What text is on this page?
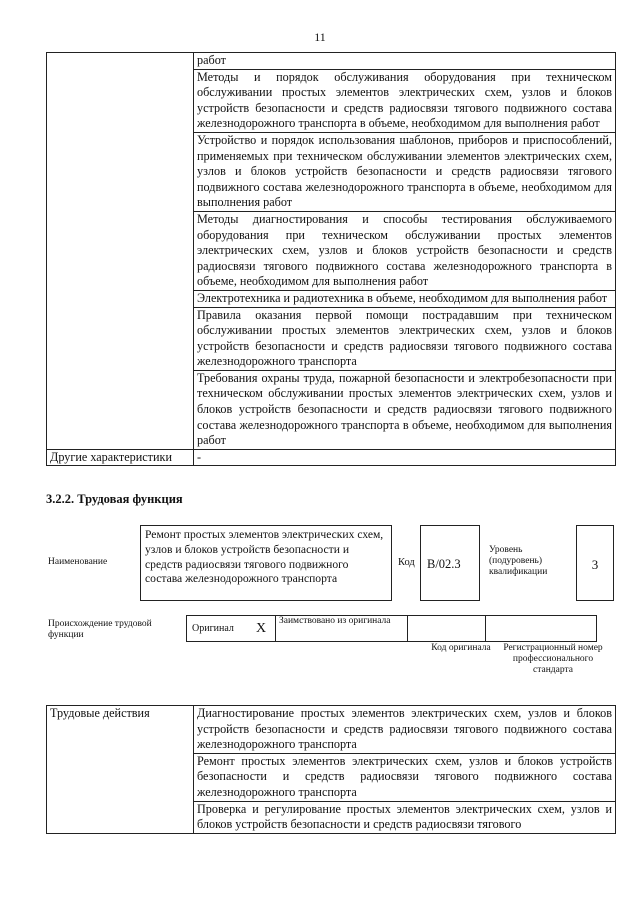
11
	работ
	Методы и порядок обслуживания оборудования при техническом обслуживании простых элементов электрических схем, узлов и блоков устройств безопасности и средств радиосвязи тягового подвижного состава железнодорожного транспорта в объеме, необходимом для выполнения работ
	Устройство и порядок использования шаблонов, приборов и приспособлений, применяемых при техническом обслуживании элементов электрических схем, узлов и блоков устройств безопасности и средств радиосвязи тягового подвижного состава железнодорожного транспорта в объеме, необходимом для выполнения работ
	Методы диагностирования и способы тестирования обслуживаемого оборудования при техническом обслуживании простых элементов электрических схем, узлов и блоков устройств безопасности и средств радиосвязи тягового подвижного состава железнодорожного транспорта в объеме, необходимом для выполнения работ
	Электротехника и радиотехника в объеме, необходимом для выполнения работ
	Правила оказания первой помощи пострадавшим при техническом обслуживании простых элементов электрических схем, узлов и блоков устройств безопасности и средств радиосвязи тягового подвижного состава железнодорожного транспорта
	Требования охраны труда, пожарной безопасности и электробезопасности при техническом обслуживании простых элементов электрических схем, узлов и блоков устройств безопасности и средств радиосвязи тягового подвижного состава железнодорожного транспорта в объеме, необходимом для выполнения работ
Другие характеристики	-
3.2.2. Трудовая функция
Наименование
Ремонт простых элементов электрических схем, узлов и блоков устройств безопасности и средств радиосвязи тягового подвижного состава железнодорожного транспорта
Код B/02.3
Уровень (подуровень) квалификации	3
Происхождение трудовой функции
Оригинал	X	Заимствовано из оригинала		
Код оригинала	Регистрационный номер профессионального стандарта
Трудовые действия	Диагностирование простых элементов электрических схем, узлов и блоков устройств безопасности и средств радиосвязи тягового подвижного состава железнодорожного транспорта
Ремонт простых элементов электрических схем, узлов и блоков устройств безопасности и средств радиосвязи тягового подвижного состава железнодорожного транспорта
Проверка и регулирование простых элементов электрических схем, узлов и блоков устройств безопасности и средств радиосвязи тягового
